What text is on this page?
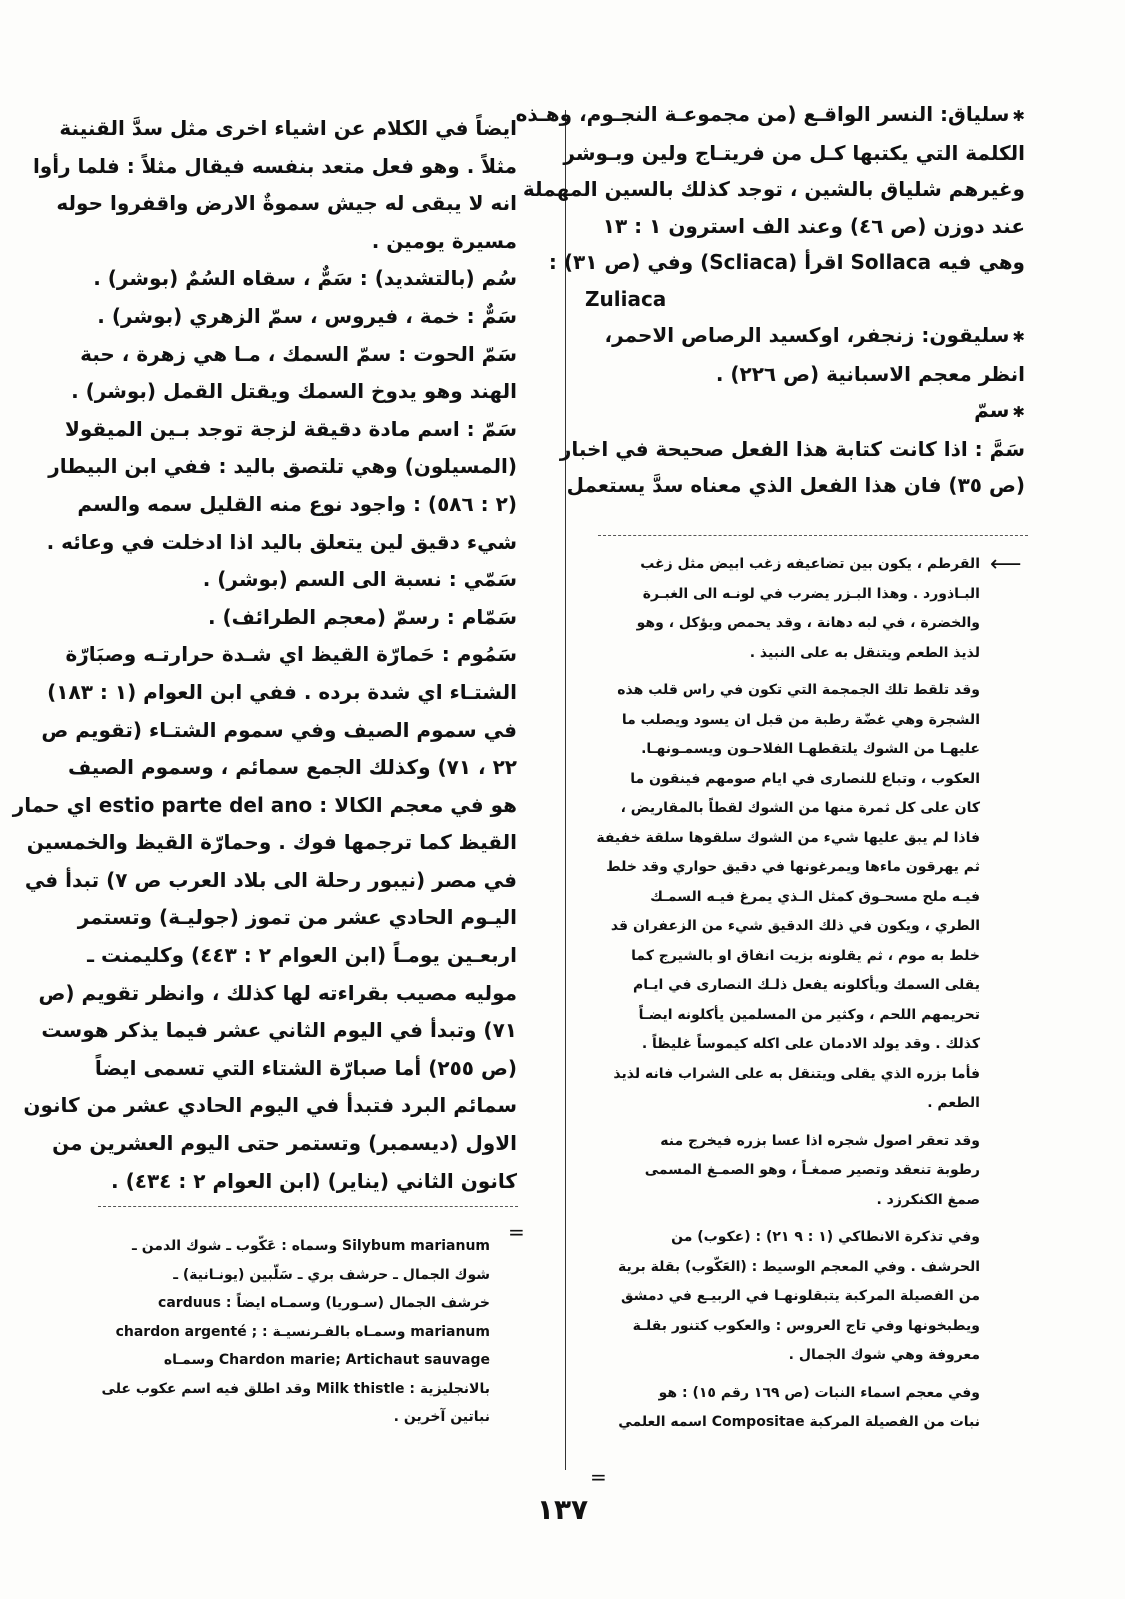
✱ سلياق: النسر الواقـع (من مجموعـة النجـوم، وهـذه

الكلمة التي يكتبها كـل من فريتـاج ولين وبـوشر

وغيرهم شلياق بالشين ، توجد كذلك بالسين المهملة

عند دوزن (ص ٤٦) وعند الف استرون ١ : ١٣

وهي فيه Sollaca اقرأ (Scliaca) وفي (ص ٣١) :

Zuliaca

✱ سليقون: زنجفر، اوكسيد الرصاص الاحمر،

انظر معجم الاسبانية (ص ٢٢٦) .

✱ سمّ

سَمَّ : اذا كانت كتابة هذا الفعل صحيحة في اخبار

(ص ٣٥) فان هذا الفعل الذي معناه سدَّ يستعمل

⟵

القرطم ، يكون بين تضاعيفه زغب ابيض مثل زغب

البـاذورد . وهذا البـزر يضرب في لونـه الى الغبـرة

والخضرة ، في لبه دهانة ، وقد يحمص ويؤكل ، وهو

لذيذ الطعم ويتنقل به على النبيذ .

وقد تلقط تلك الجمجمة التي تكون في راس قلب هذه

الشجرة وهي غضّة رطبة من قبل ان يسود ويصلب ما

عليهـا من الشوك يلتقطهـا الفلاحـون ويسمـونهـا.

العكوب ، وتباع للنصارى في ايام صومهم فينقون ما

كان على كل ثمرة منها من الشوك لقطاً بالمقاريض ،

فاذا لم يبق عليها شيء من الشوك سلقوها سلقة خفيفة

ثم يهرقون ماءها ويمرغونها في دقيق حواري وقد خلط

فيـه ملح مسحـوق كمثل الـذي يمرغ فيـه السمـك

الطري ، ويكون في ذلك الدقيق شيء من الزعفران قد

خلط به موم ، ثم يقلونه بزيت انفاق او بالشيرج كما

يقلى السمك ويأكلونه يفعل ذلـك النصارى في ايـام

تحريمهم اللحم ، وكثير من المسلمين يأكلونه ايضـاً

كذلك . وقد يولد الادمان على اكله كيموساً غليظاً .

فأما بزره الذي يقلى ويتنقل به على الشراب فانه لذيذ

الطعم .

وقد تعقر اصول شجره اذا عسا بزره فيخرج منه

رطوبة تنعقد وتصير صمغـاً ، وهو الصمـغ المسمى

صمغ الكنكرزد .

وفي تذكرة الانطاكي (١ : ٩ ٢١) : (عكوب) من

الحرشف . وفي المعجم الوسيط : (العَكّوب) بقلة برية

من الفصيلة المركبة يتبقلونهـا في الربيـع في دمشق

ويطبخونها وفي تاج العروس : والعكوب كتنور بقلـة

معروفة وهي شوك الجمال .

وفي معجم اسماء النبات (ص ١٦٩ رقم ١٥) : هو

نبات من الفصيلة المركبة Compositae اسمه العلمي

=

ايضاً في الكلام عن اشياء اخرى مثل سدَّ القنينة

مثلاً . وهو فعل متعد بنفسه فيقال مثلاً : فلما رأوا

انه لا يبقى له جيش سموةٌ الارض واقفروا حوله

مسيرة يومين .

سُم (بالتشديد) : سَمٌّ ، سقاه السُمٌ (بوشر) .

سَمٌّ : خمة ، فيروس ، سمّ الزهري (بوشر) .

سَمّ الحوت : سمّ السمك ، مـا هي زهرة ، حبة

الهند وهو يدوخ السمك ويقتل القمل (بوشر) .

سَمّ : اسم مادة دقيقة لزجة توجد بـين الميقولا

(المسيلون) وهي تلتصق باليد : ففي ابن البيطار

(٢ : ٥٨٦) : واجود نوع منه القليل سمه والسم

شيء دقيق لين يتعلق باليد اذا ادخلت في وعائه .

سَمّي : نسبة الى السم (بوشر) .

سَمّام : رسمّ (معجم الطرائف) .

سَمُوم : حَمارّة القيظ اي شـدة حرارتـه وصبَارّة

الشتـاء اي شدة برده . ففي ابن العوام (١ : ١٨٣)

في سموم الصيف وفي سموم الشتـاء (تقويم ص

٢٢ ، ٧١) وكذلك الجمع سمائم ، وسموم الصيف

هو في معجم الكالا : estio parte del ano اي حمار

القيظ كما ترجمها فوك . وحمارّة القيظ والخمسين

في مصر (نيبور رحلة الى بلاد العرب ص ٧) تبدأ في

اليـوم الحادي عشر من تموز (جوليـة) وتستمر

اربعـين يومـاً (ابن العوام ٢ : ٤٤٣) وكليمنت ـ

موليه مصيب بقراءته لها كذلك ، وانظر تقويم (ص

٧١) وتبدأ في اليوم الثاني عشر فيما يذكر هوست

(ص ٢٥٥) أما صبارّة الشتاء التي تسمى ايضاً

سمائم البرد فتبدأ في اليوم الحادي عشر من كانون

الاول (ديسمبر) وتستمر حتى اليوم العشرين من

كانون الثاني (يناير) (ابن العوام ٢ : ٤٣٤) .

=

Silybum marianum وسماه : عَكّوب ـ شوك الدمن ـ

شوك الجمال ـ حرشف بري ـ سَلّبين (يونـانية) ـ

خرشف الجمال (سـوريا) وسمـاه ايضاً : carduus

marianum وسمـاه بالفـرنسيـة : ; chardon argenté

Chardon marie; Artichaut sauvage وسمـاه

بالانجليزية : Milk thistle وقد اطلق فيه اسم عكوب على

نباتين آخرين .

١٣٧
